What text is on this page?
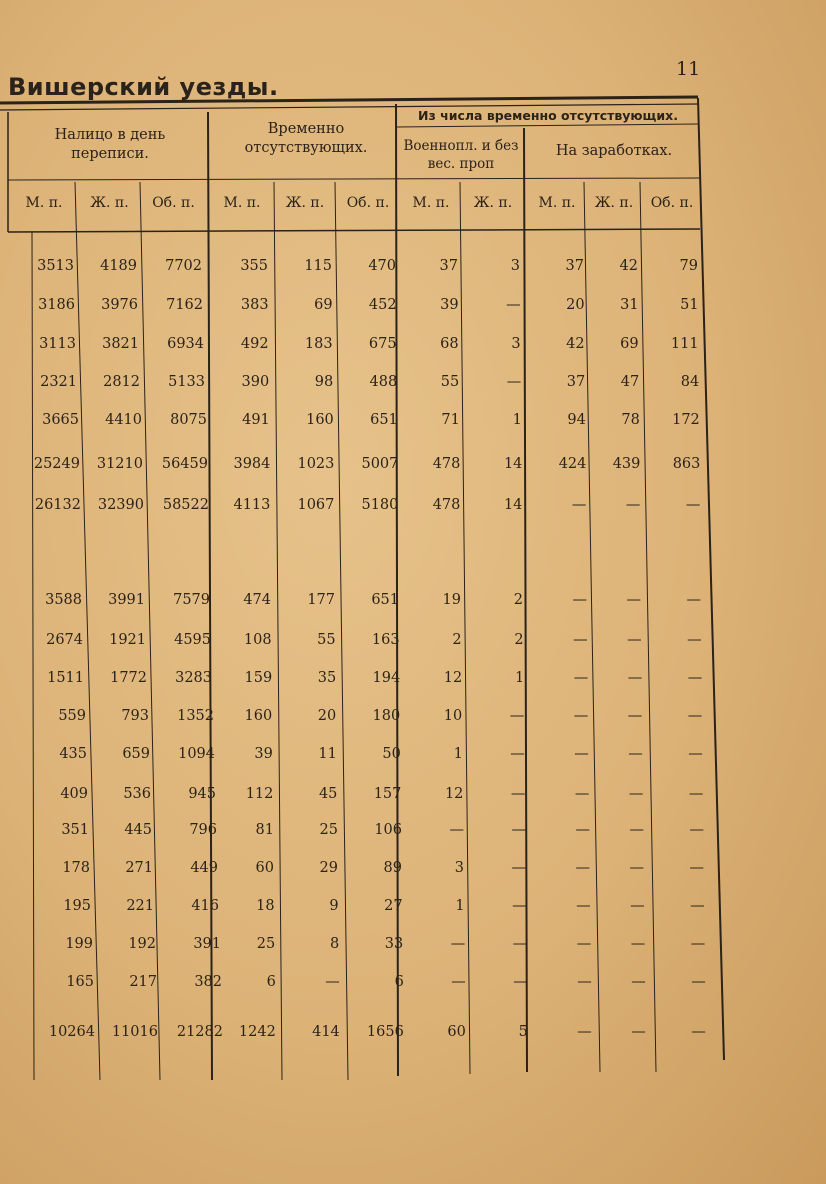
11
Вишерский уезды.
Налицо в день переписи.
Временно отсутствующих.
Из числа временно отсутствующих.
Военнопл. и без вес. проп
На заработках.
М. п.	Ж. п.	Об. п.	М. п.	Ж. п.	Об. п.	М. п.	Ж. п.	М. п.	Ж. п.	Об. п.
3513	4189	7702	355	115	470	37	3	37	42	79
3186	3976	7162	383	69	452	39	—	20	31	51
3113	3821	6934	492	183	675	68	3	42	69	111
2321	2812	5133	390	98	488	55	—	37	47	84
3665	4410	8075	491	160	651	71	1	94	78	172
25249	31210	56459	3984	1023	5007	478	14	424	439	863
26132	32390	58522	4113	1067	5180	478	14	—	—	—
3588	3991	7579	474	177	651	19	2	—	—	—
2674	1921	4595	108	55	163	2	2	—	—	—
1511	1772	3283	159	35	194	12	1	—	—	—
559	793	1352	160	20	180	10	—	—	—	—
435	659	1094	39	11	50	1	—	—	—	—
409	536	945	112	45	157	12	—	—	—	—
351	445	796	81	25	106	—	—	—	—	—
178	271	449	60	29	89	3	—	—	—	—
195	221	416	18	9	27	1	—	—	—	—
199	192	391	25	8	33	—	—	—	—	—
165	217	382	6	—	6	—	—	—	—	—
10264	11016	21282	1242	414	1656	60	5	—	—	—
